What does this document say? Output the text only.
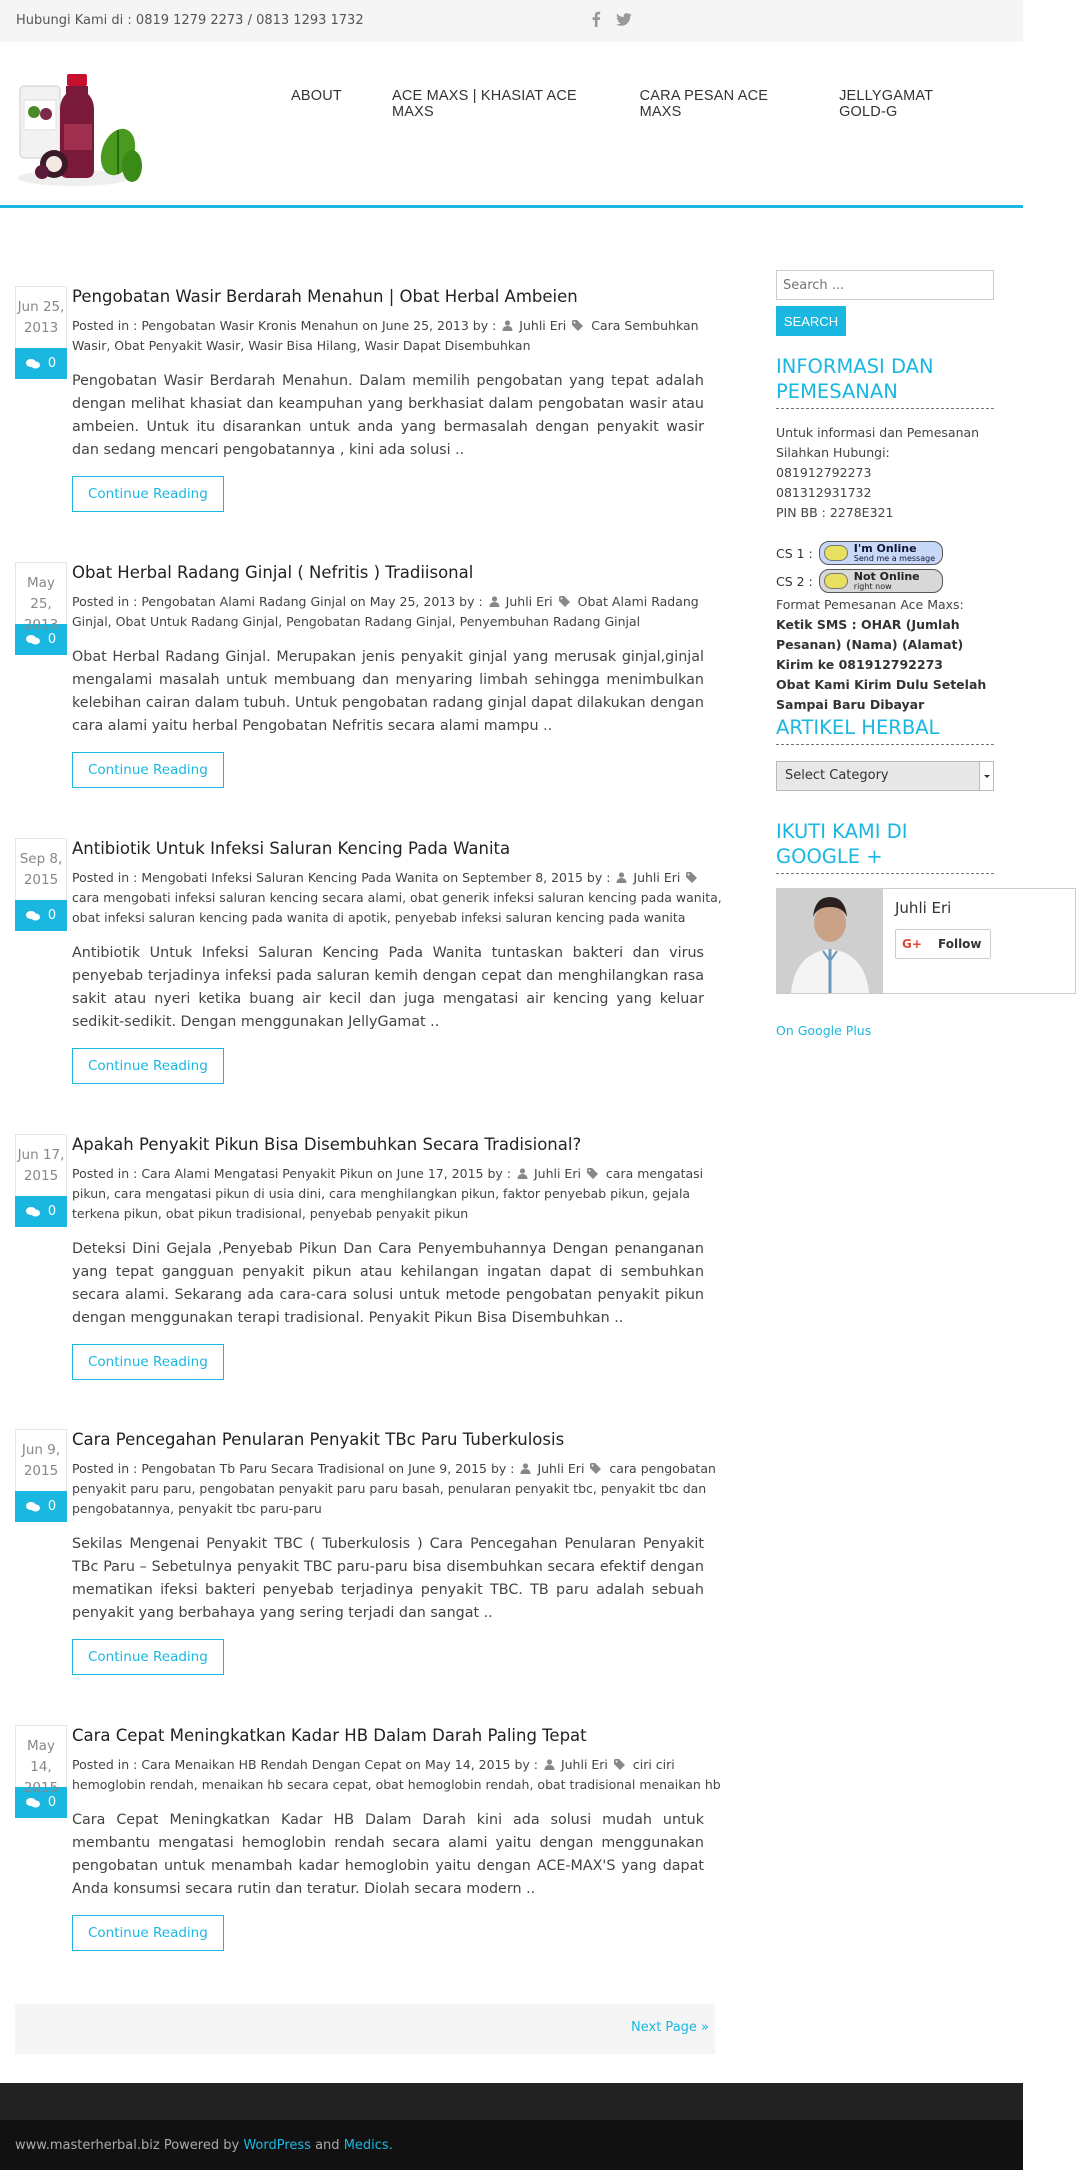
Hubungi Kami di : 0819 1279 2273 / 0813 1293 1732
ABOUT	ACE MAXS | KHASIAT ACE MAXS
CARA PESAN ACE MAXS
JELLYGAMAT GOLD-G
Jun 25,
2013
0
Pengobatan Wasir Berdarah Menahun | Obat Herbal Ambeien
Posted in : Pengobatan Wasir Kronis Menahun on June 25, 2013 by : Juhli Eri Cara Sembuhkan Wasir, Obat Penyakit Wasir, Wasir Bisa Hilang, Wasir Dapat Disembuhkan
Pengobatan Wasir Berdarah Menahun. Dalam memilih pengobatan yang tepat adalah dengan melihat khasiat dan keampuhan yang berkhasiat dalam pengobatan wasir atau ambeien. Untuk itu disarankan untuk anda yang bermasalah dengan penyakit wasir dan sedang mencari pengobatannya , kini ada solusi ..
Continue Reading
May 25,
2013
0
Obat Herbal Radang Ginjal ( Nefritis ) Tradiisonal
Posted in : Pengobatan Alami Radang Ginjal on May 25, 2013 by : Juhli Eri Obat Alami Radang Ginjal, Obat Untuk Radang Ginjal, Pengobatan Radang Ginjal, Penyembuhan Radang Ginjal
Obat Herbal Radang Ginjal. Merupakan jenis penyakit ginjal yang merusak ginjal,ginjal mengalami masalah untuk membuang dan menyaring limbah sehingga menimbulkan kelebihan cairan dalam tubuh. Untuk pengobatan radang ginjal dapat dilakukan dengan cara alami yaitu herbal Pengobatan Nefritis secara alami mampu ..
Continue Reading
Sep 8,
2015
0
Antibiotik Untuk Infeksi Saluran Kencing Pada Wanita
Posted in : Mengobati Infeksi Saluran Kencing Pada Wanita on September 8, 2015 by : Juhli Eri  cara mengobati infeksi saluran kencing secara alami, obat generik infeksi saluran kencing pada wanita, obat infeksi saluran kencing pada wanita di apotik, penyebab infeksi saluran kencing pada wanita
Antibiotik Untuk Infeksi Saluran Kencing Pada Wanita tuntaskan bakteri dan virus penyebab terjadinya infeksi pada saluran kemih dengan cepat dan menghilangkan rasa sakit atau nyeri ketika buang air kecil dan juga mengatasi air kencing yang keluar sedikit-sedikit. Dengan menggunakan JellyGamat ..
Continue Reading
Jun 17,
2015
0
Apakah Penyakit Pikun Bisa Disembuhkan Secara Tradisional?
Posted in : Cara Alami Mengatasi Penyakit Pikun on June 17, 2015 by : Juhli Eri cara mengatasi pikun, cara mengatasi pikun di usia dini, cara menghilangkan pikun, faktor penyebab pikun, gejala terkena pikun, obat pikun tradisional, penyebab penyakit pikun
Deteksi Dini Gejala ,Penyebab Pikun Dan Cara Penyembuhannya Dengan penanganan yang tepat gangguan penyakit pikun atau kehilangan ingatan dapat di sembuhkan secara alami. Sekarang ada cara-cara solusi untuk metode pengobatan penyakit pikun dengan menggunakan terapi tradisional. Penyakit Pikun Bisa Disembuhkan ..
Continue Reading
Jun 9,
2015
0
Cara Pencegahan Penularan Penyakit TBc Paru Tuberkulosis
Posted in : Pengobatan Tb Paru Secara Tradisional on June 9, 2015 by : Juhli Eri cara pengobatan penyakit paru paru, pengobatan penyakit paru paru basah, penularan penyakit tbc, penyakit tbc dan pengobatannya, penyakit tbc paru-paru
Sekilas Mengenai Penyakit TBC ( Tuberkulosis ) Cara Pencegahan Penularan Penyakit TBc Paru – Sebetulnya penyakit TBC paru-paru bisa disembuhkan secara efektif dengan mematikan ifeksi bakteri penyebab terjadinya penyakit TBC. TB paru adalah sebuah penyakit yang berbahaya yang sering terjadi dan sangat ..
Continue Reading
May 14,
2015
0
Cara Cepat Meningkatkan Kadar HB Dalam Darah Paling Tepat
Posted in : Cara Menaikan HB Rendah Dengan Cepat on May 14, 2015 by : Juhli Eri ciri ciri hemoglobin rendah, menaikan hb secara cepat, obat hemoglobin rendah, obat tradisional menaikan hb
Cara Cepat Meningkatkan Kadar HB Dalam Darah kini ada solusi mudah untuk membantu mengatasi hemoglobin rendah secara alami yaitu dengan menggunakan pengobatan untuk menambah kadar hemoglobin yaitu dengan ACE-MAX'S yang dapat Anda konsumsi secara rutin dan teratur. Diolah secara modern ..
Continue Reading
Next Page »
Search ...
SEARCH
INFORMASI DAN PEMESANAN
Untuk informasi dan Pemesanan
Silahkan Hubungi:
081912792273
081312931732
PIN BB : 2278E321
CS 1 :	I'm Online
Send me a message
CS 2 :	Not Online
right now
Format Pemesanan Ace Maxs:
Ketik SMS : OHAR (Jumlah
Pesanan) (Nama) (Alamat)
Kirim ke 081912792273
Obat Kami Kirim Dulu Setelah
Sampai Baru Dibayar
ARTIKEL HERBAL
Select Category
IKUTI KAMI DI GOOGLE +
Juhli Eri
G+ Follow
On Google Plus
www.masterherbal.biz Powered by WordPress and Medics.
